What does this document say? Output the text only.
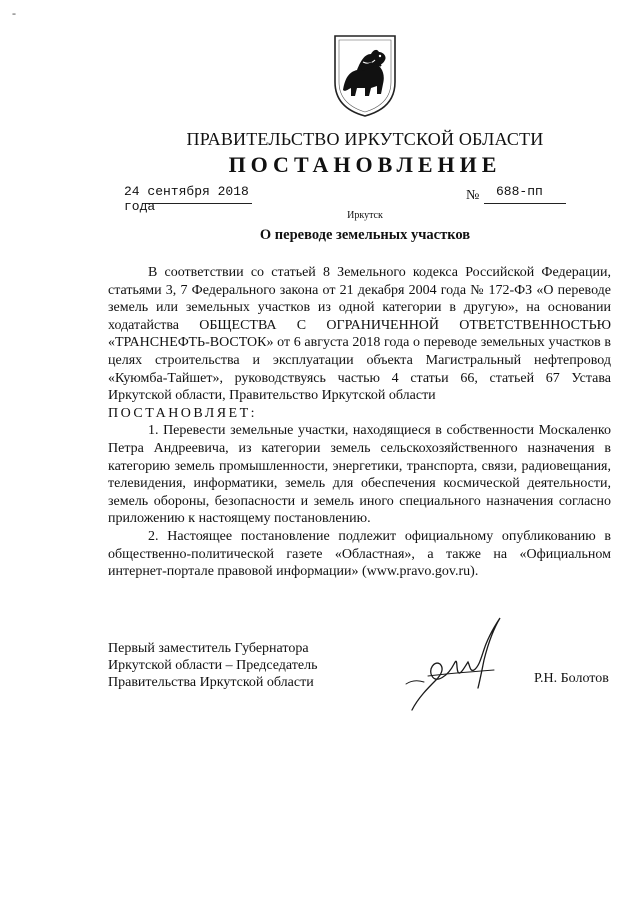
-
ПРАВИТЕЛЬСТВО ИРКУТСКОЙ ОБЛАСТИ
ПОСТАНОВЛЕНИЕ
24 сентября 2018 года
№ 688-пп
Иркутск
О переводе земельных участков

В соответствии со статьей 8 Земельного кодекса Российской Федерации, статьями 3, 7 Федерального закона от 21 декабря 2004 года № 172-ФЗ «О переводе земель или земельных участков из одной категории в другую», на основании ходатайства ОБЩЕСТВА С ОГРАНИЧЕННОЙ ОТВЕТСТВЕННОСТЬЮ «ТРАНСНЕФТЬ-ВОСТОК» от 6 августа 2018 года о переводе земельных участков в целях строительства и эксплуатации объекта Магистральный нефтепровод «Куюмба-Тайшет», руководствуясь частью 4 статьи 66, статьей 67 Устава Иркутской области, Правительство Иркутской области

ПОСТАНОВЛЯЕТ:

1. Перевести земельные участки, находящиеся в собственности Москаленко Петра Андреевича, из категории земель сельскохозяйственного назначения в категорию земель промышленности, энергетики, транспорта, связи, радиовещания, телевидения, информатики, земель для обеспечения космической деятельности, земель обороны, безопасности и земель иного специального назначения согласно приложению к настоящему постановлению.

2. Настоящее постановление подлежит официальному опубликованию в общественно-политической газете «Областная», а также на «Официальном интернет-портале правовой информации» (www.pravo.gov.ru).

Первый заместитель Губернатора
Иркутской области – Председатель
Правительства Иркутской области	Р.Н. Болотов
